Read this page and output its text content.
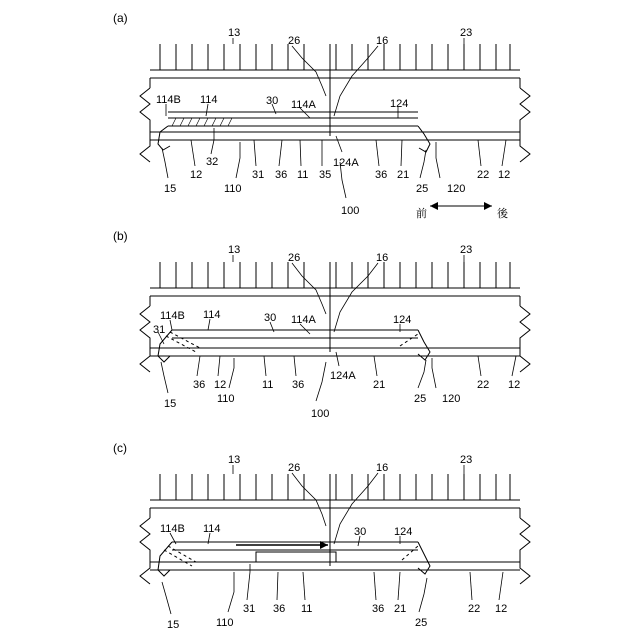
(a)
(b)
(c)
13
26	16
23
114B 114	30 114A	124
32
31 36 11 35
124A
36 21	22
12	12
110	120
15	25
100	前	後
13
26	16
23
114B 114	30 114A	124
31
36 12	11 36
124A
21	22 12
110	120
15	25
100
13
26	16
23
114B 114	30	124
31 36 11	36 21	22 12
110
15	25
